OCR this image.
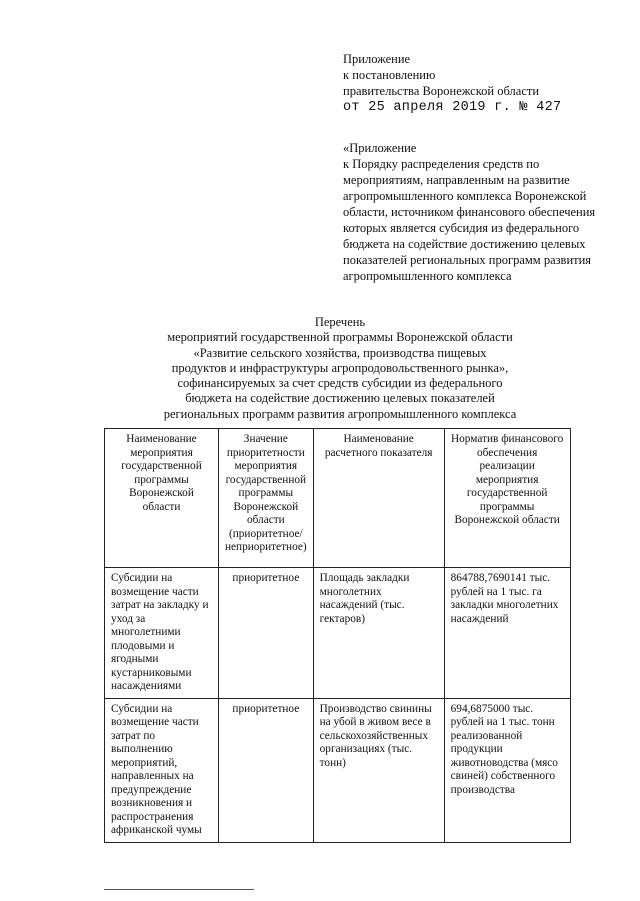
Приложение
к постановлению
правительства Воронежской области
от 25 апреля 2019 г. № 427
«Приложение
к Порядку распределения средств по
мероприятиям, направленным на развитие
агропромышленного комплекса Воронежской
области, источником финансового обеспечения
которых является субсидия из федерального
бюджета на содействие достижению целевых
показателей региональных программ развития
агропромышленного комплекса
Перечень
мероприятий государственной программы Воронежской области
«Развитие сельского хозяйства, производства пищевых
продуктов и инфраструктуры агропродовольственного рынка»,
софинансируемых за счет средств субсидии из федерального
бюджета на содействие достижению целевых показателей
региональных программ развития агропромышленного комплекса
Наименование мероприятия государственной программы Воронежской области	Значение приоритетности мероприятия государственной программы Воронежской области (приоритетное/ неприоритетное)	Наименование расчетного показателя	Норматив финансового обеспечения реализации мероприятия государственной программы Воронежской области
Субсидии на возмещение части затрат на закладку и уход за многолетними плодовыми и ягодными кустарниковыми насаждениями	приоритетное	Площадь закладки многолетних насаждений (тыс. гектаров)	864788,7690141 тыс. рублей на 1 тыс. га закладки многолетних насаждений
Субсидии на возмещение части затрат по выполнению мероприятий, направленных на предупреждение возникновения и распространения африканской чумы	приоритетное	Производство свинины на убой в живом весе в сельскохозяйственных организациях (тыс. тонн)	694,6875000 тыс. рублей на 1 тыс. тонн реализованной продукции животноводства (мясо свиней) собственного производства
